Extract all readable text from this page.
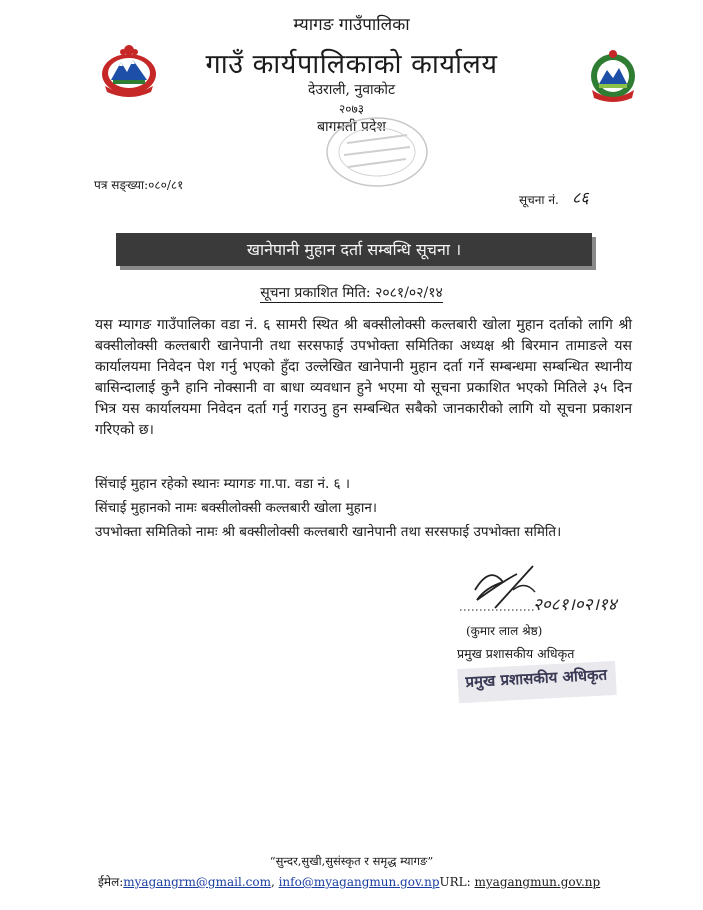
म्यागङ गाउँपालिका
गाउँ कार्यपालिकाको कार्यालय
देउराली, नुवाकोट
२०७३
बागमती प्रदेश
पत्र सङ्ख्या:०८०/८१
सूचना नं. ८६
खानेपानी मुहान दर्ता सम्बन्धि सूचना ।
सूचना प्रकाशित मिति: २०८१/०२/१४
यस म्यागङ गाउँपालिका वडा नं. ६ सामरी स्थित श्री बक्सीलोक्सी कल्तबारी खोला मुहान दर्ताको लागि श्री बक्सीलोक्सी कल्तबारी खानेपानी तथा सरसफाई उपभोक्ता समितिका अध्यक्ष श्री बिरमान तामाङले यस कार्यालयमा निवेदन पेश गर्नु भएको हुँदा उल्लेखित खानेपानी मुहान दर्ता गर्ने सम्बन्धमा सम्बन्धित स्थानीय बासिन्दालाई कुनै हानि नोक्सानी वा बाधा व्यवधान हुने भएमा यो सूचना प्रकाशित भएको मितिले ३५ दिन भित्र यस कार्यालयमा निवेदन दर्ता गर्नु गराउनु हुन सम्बन्धित सबैको जानकारीको लागि यो सूचना प्रकाशन गरिएको छ।
सिंचाई मुहान रहेको स्थानः म्यागङ गा.पा. वडा नं. ६ ।
सिंचाई मुहानको नामः बक्सीलोक्सी कल्तबारी खोला मुहान।
उपभोक्ता समितिको नामः श्री बक्सीलोक्सी कल्तबारी खानेपानी तथा सरसफाई उपभोक्ता समिति।
२०८१।०२।१४
(कुमार लाल श्रेष्ठ)
प्रमुख प्रशासकीय अधिकृत
प्रमुख प्रशासकीय अधिकृत
“सुन्दर,सुखी,सुसंस्कृत र समृद्ध म्यागङ”
ईमेल:myagangrm@gmail.com, info@myagangmun.gov.npURL: myagangmun.gov.np
